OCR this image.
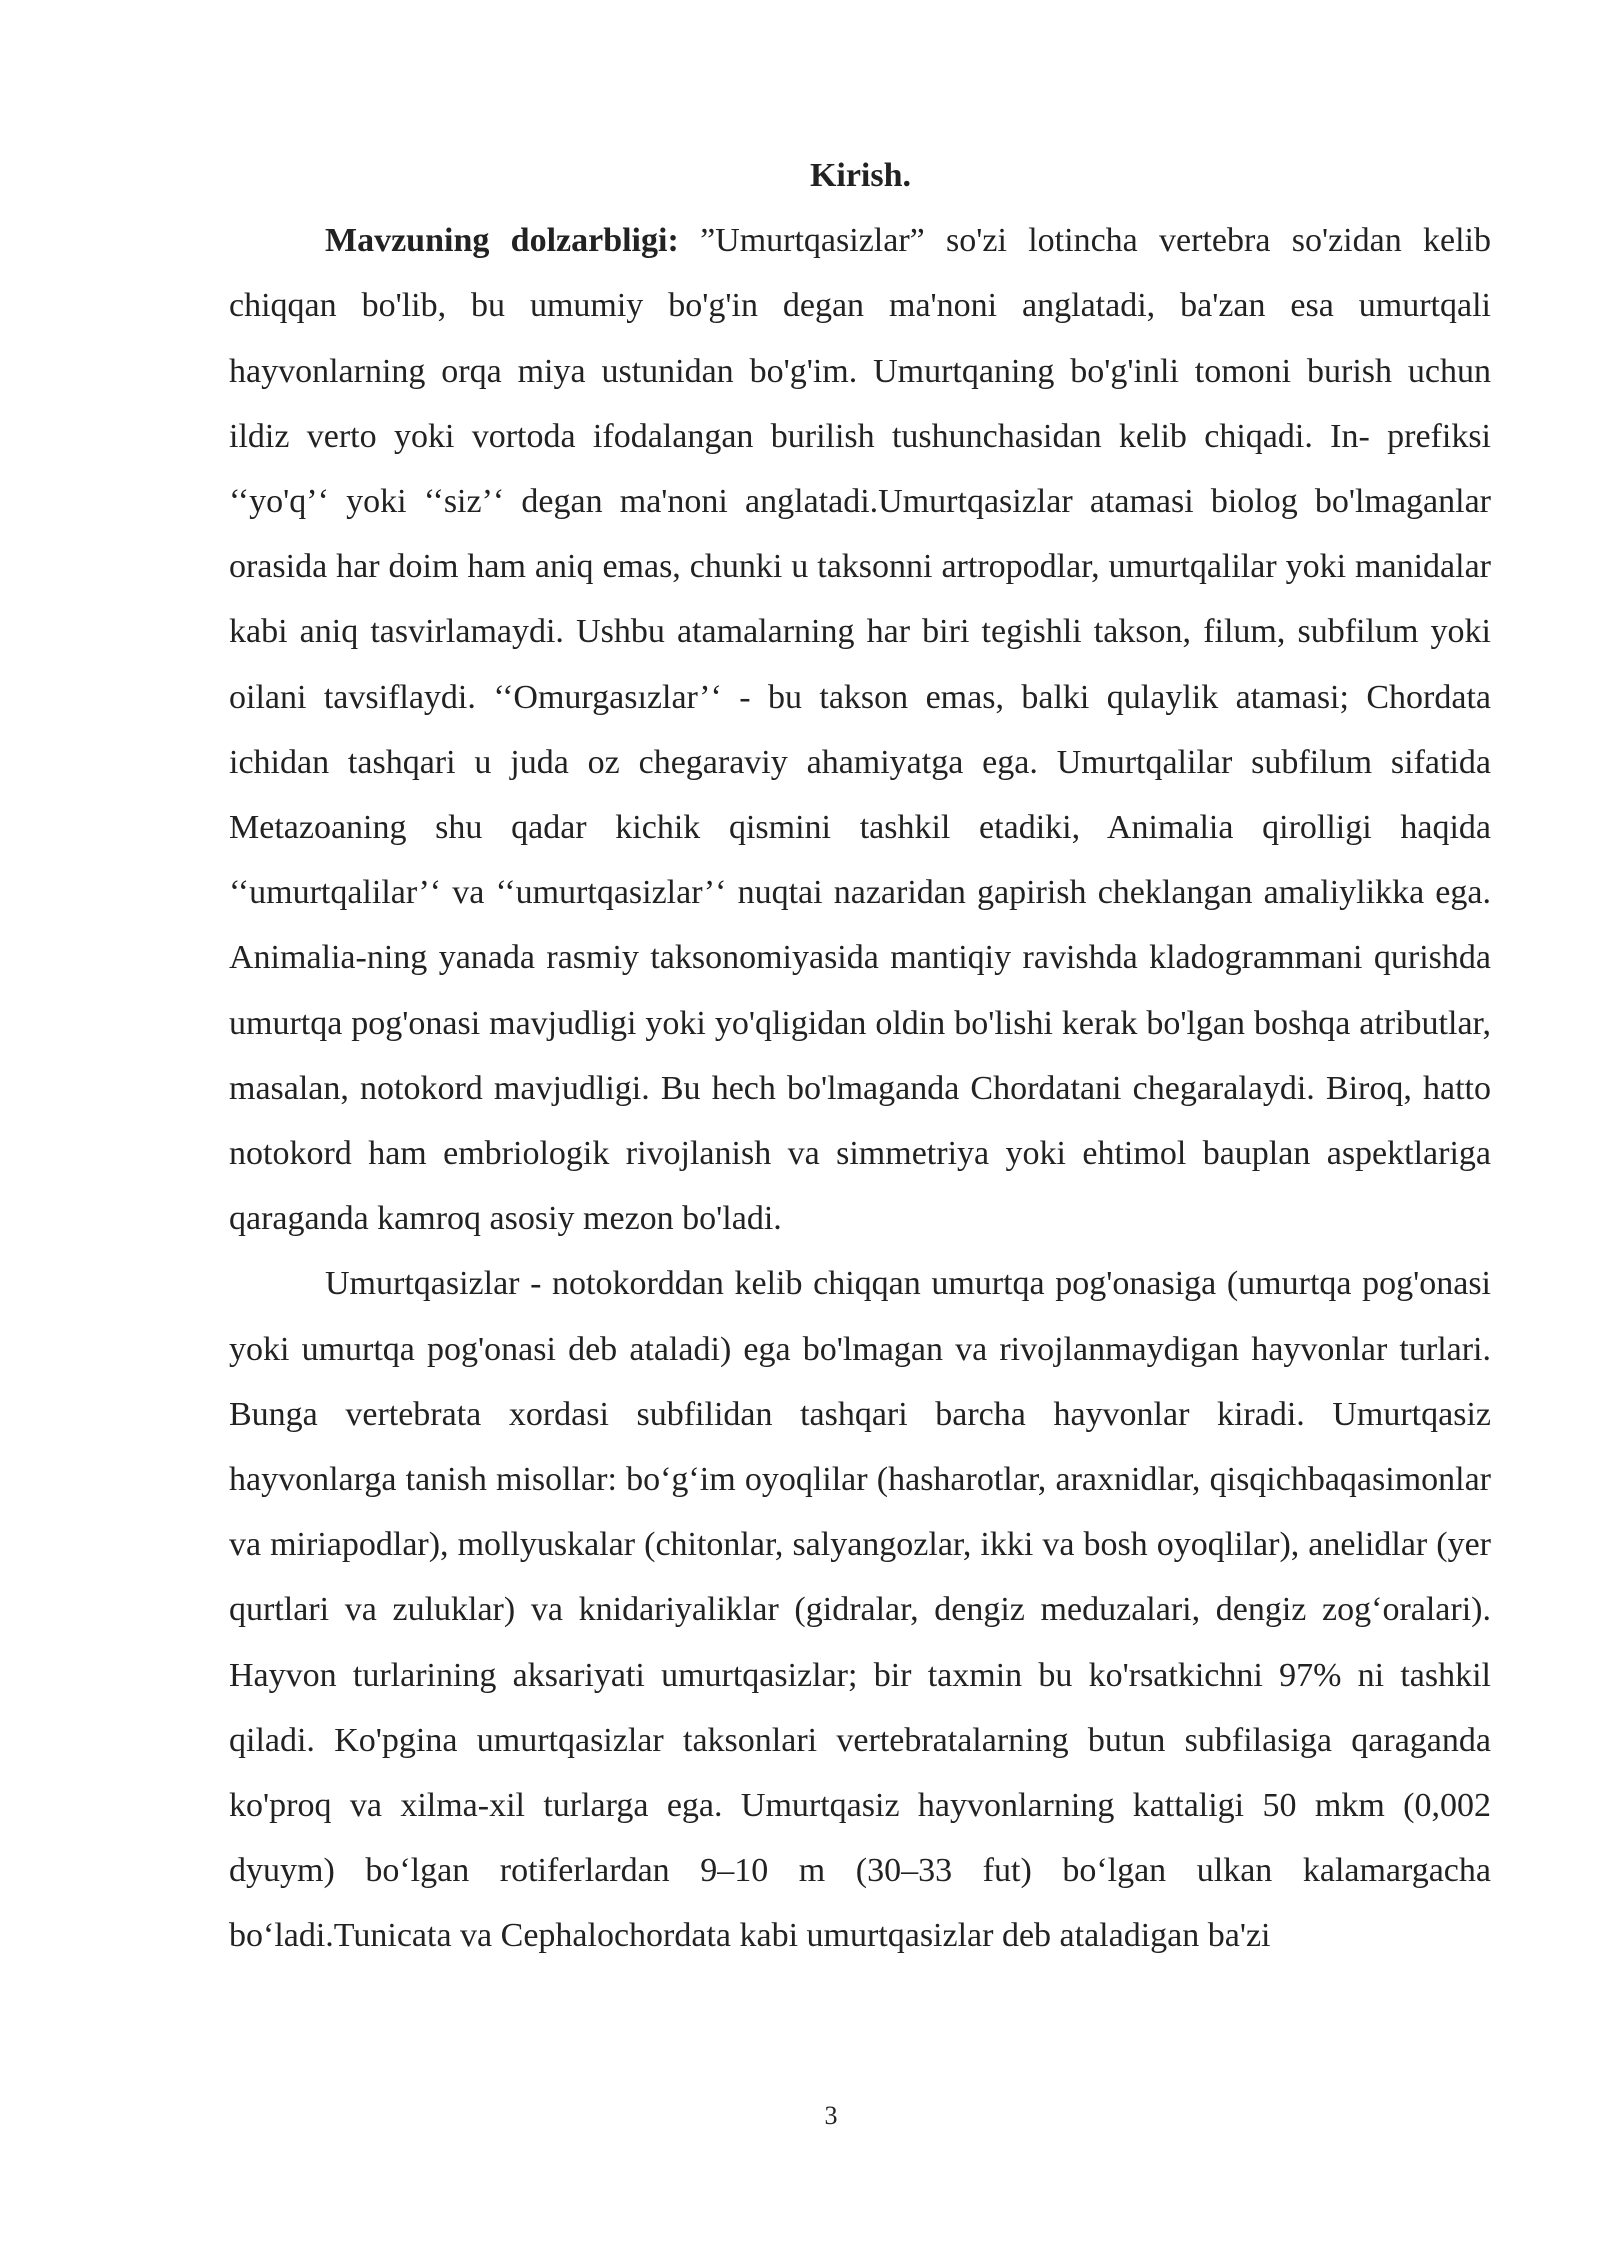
Kirish.

Mavzuning dolzarbligi: ”Umurtqasizlar” so'zi lotincha vertebra so'zidan kelib chiqqan bo'lib, bu umumiy bo'g'in degan ma'noni anglatadi, ba'zan esa umurtqali hayvonlarning orqa miya ustunidan bo'g'im. Umurtqaning bo'g'inli tomoni burish uchun ildiz verto yoki vortoda ifodalangan burilish tushunchasidan kelib chiqadi. In- prefiksi ‘‘yo'q’‘ yoki ‘‘siz’‘ degan ma'noni anglatadi.Umurtqasizlar atamasi biolog bo'lmaganlar orasida har doim ham aniq emas, chunki u taksonni artropodlar, umurtqalilar yoki manidalar kabi aniq tasvirlamaydi. Ushbu atamalarning har biri tegishli takson, filum, subfilum yoki oilani tavsiflaydi. ‘‘Omurgasızlar’‘ - bu takson emas, balki qulaylik atamasi; Chordata ichidan tashqari u juda oz chegaraviy ahamiyatga ega. Umurtqalilar subfilum sifatida Metazoaning shu qadar kichik qismini tashkil etadiki, Animalia qirolligi haqida ‘‘umurtqalilar’‘ va ‘‘umurtqasizlar’‘ nuqtai nazaridan gapirish cheklangan amaliylikka ega. Animalia-ning yanada rasmiy taksonomiyasida mantiqiy ravishda kladogrammani qurishda umurtqa pog'onasi mavjudligi yoki yo'qligidan oldin bo'lishi kerak bo'lgan boshqa atributlar, masalan, notokord mavjudligi. Bu hech bo'lmaganda Chordatani chegaralaydi. Biroq, hatto notokord ham embriologik rivojlanish va simmetriya yoki ehtimol bauplan aspektlariga qaraganda kamroq asosiy mezon bo'ladi.

Umurtqasizlar - notokorddan kelib chiqqan umurtqa pog'onasiga (umurtqa pog'onasi yoki umurtqa pog'onasi deb ataladi) ega bo'lmagan va rivojlanmaydigan hayvonlar turlari. Bunga vertebrata xordasi subfilidan tashqari barcha hayvonlar kiradi. Umurtqasiz hayvonlarga tanish misollar: bo‘g‘im oyoqlilar (hasharotlar, araxnidlar, qisqichbaqasimonlar va miriapodlar), mollyuskalar (chitonlar, salyangozlar, ikki va bosh oyoqlilar), anelidlar (yer qurtlari va zuluklar) va knidariyaliklar (gidralar, dengiz meduzalari, dengiz zog‘oralari). Hayvon turlarining aksariyati umurtqasizlar; bir taxmin bu ko'rsatkichni 97% ni tashkil qiladi. Ko'pgina umurtqasizlar taksonlari vertebratalarning butun subfilasiga qaraganda ko'proq va xilma-xil turlarga ega. Umurtqasiz hayvonlarning kattaligi 50 mkm (0,002 dyuym) bo‘lgan rotiferlardan 9–10 m (30–33 fut) bo‘lgan ulkan kalamargacha bo‘ladi.Tunicata va Cephalochordata kabi umurtqasizlar deb ataladigan ba'zi

3
